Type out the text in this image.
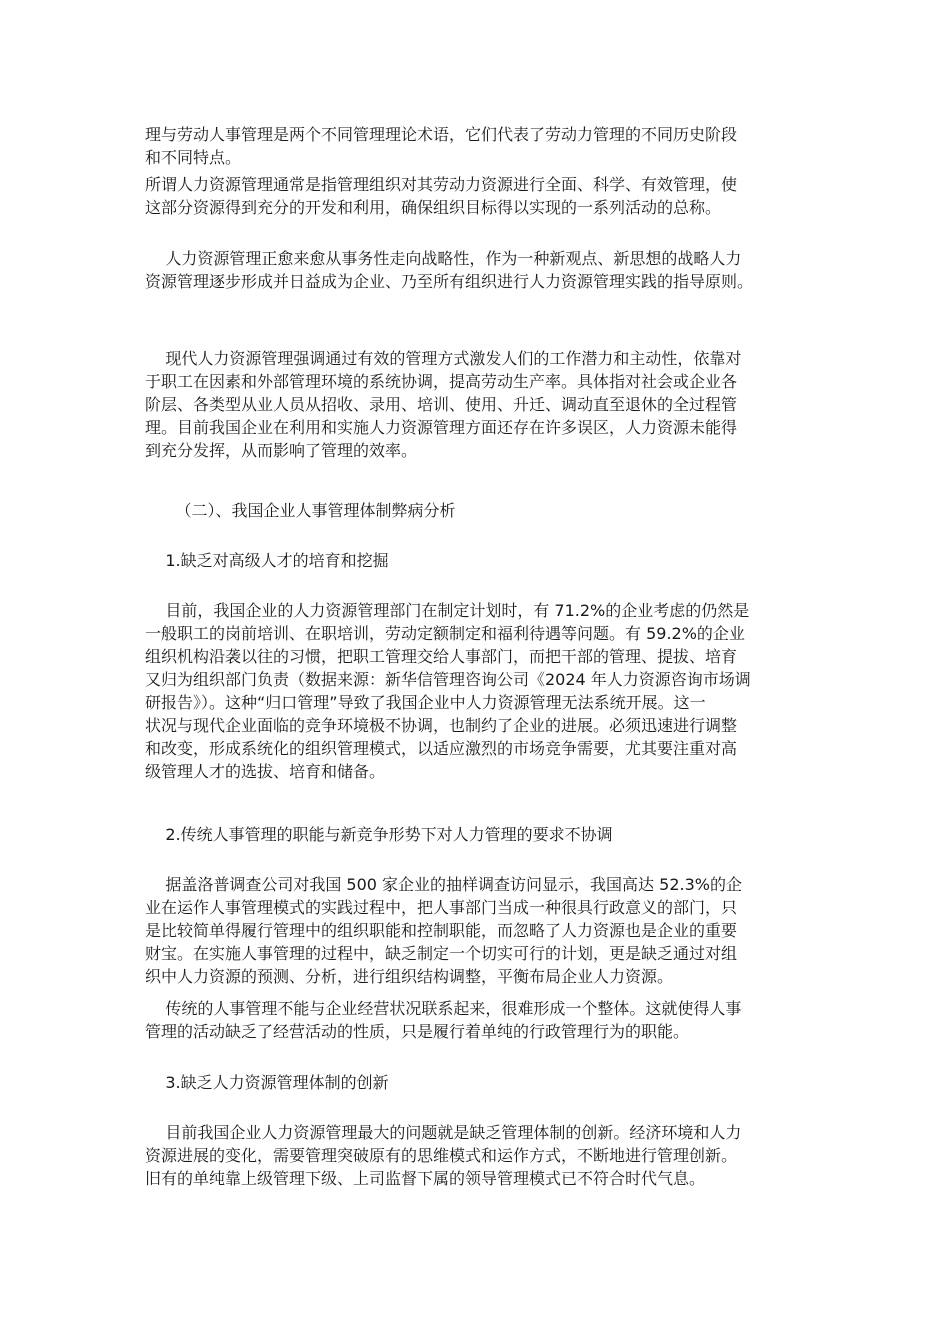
理与劳动人事管理是两个不同管理理论术语，它们代表了劳动力管理的不同历史阶段
和不同特点。

所谓人力资源管理通常是指管理组织对其劳动力资源进行全面、科学、有效管理，使
这部分资源得到充分的开发和利用，确保组织目标得以实现的一系列活动的总称。

人力资源管理正愈来愈从事务性走向战略性，作为一种新观点、新思想的战略人力
资源管理逐步形成并日益成为企业、乃至所有组织进行人力资源管理实践的指导原则。

现代人力资源管理强调通过有效的管理方式激发人们的工作潜力和主动性，依靠对
于职工在因素和外部管理环境的系统协调，提高劳动生产率。具体指对社会或企业各
阶层、各类型从业人员从招收、录用、培训、使用、升迁、调动直至退休的全过程管
理。目前我国企业在利用和实施人力资源管理方面还存在许多误区，人力资源未能得
到充分发挥，从而影响了管理的效率。

（二）、我国企业人事管理体制弊病分析

1.缺乏对高级人才的培育和挖掘

目前，我国企业的人力资源管理部门在制定计划时，有 71.2%的企业考虑的仍然是
一般职工的岗前培训、在职培训，劳动定额制定和福利待遇等问题。有 59.2%的企业
组织机构沿袭以往的习惯，把职工管理交给人事部门，而把干部的管理、提拔、培育
又归为组织部门负责（数据来源：新华信管理咨询公司《2024 年人力资源咨询市场调
研报告》）。这种“归口管理”导致了我国企业中人力资源管理无法系统开展。这一
状况与现代企业面临的竞争环境极不协调，也制约了企业的进展。必须迅速进行调整
和改变，形成系统化的组织管理模式，以适应激烈的市场竞争需要，尤其要注重对高
级管理人才的选拔、培育和储备。

2.传统人事管理的职能与新竞争形势下对人力管理的要求不协调

据盖洛普调查公司对我国 500 家企业的抽样调查访问显示，我国高达 52.3%的企
业在运作人事管理模式的实践过程中，把人事部门当成一种很具行政意义的部门，只
是比较简单得履行管理中的组织职能和控制职能，而忽略了人力资源也是企业的重要
财宝。在实施人事管理的过程中，缺乏制定一个切实可行的计划，更是缺乏通过对组
织中人力资源的预测、分析，进行组织结构调整，平衡布局企业人力资源。

传统的人事管理不能与企业经营状况联系起来，很难形成一个整体。这就使得人事
管理的活动缺乏了经营活动的性质，只是履行着单纯的行政管理行为的职能。

3.缺乏人力资源管理体制的创新

目前我国企业人力资源管理最大的问题就是缺乏管理体制的创新。经济环境和人力
资源进展的变化，需要管理突破原有的思维模式和运作方式，不断地进行管理创新。
旧有的单纯靠上级管理下级、上司监督下属的领导管理模式已不符合时代气息。
